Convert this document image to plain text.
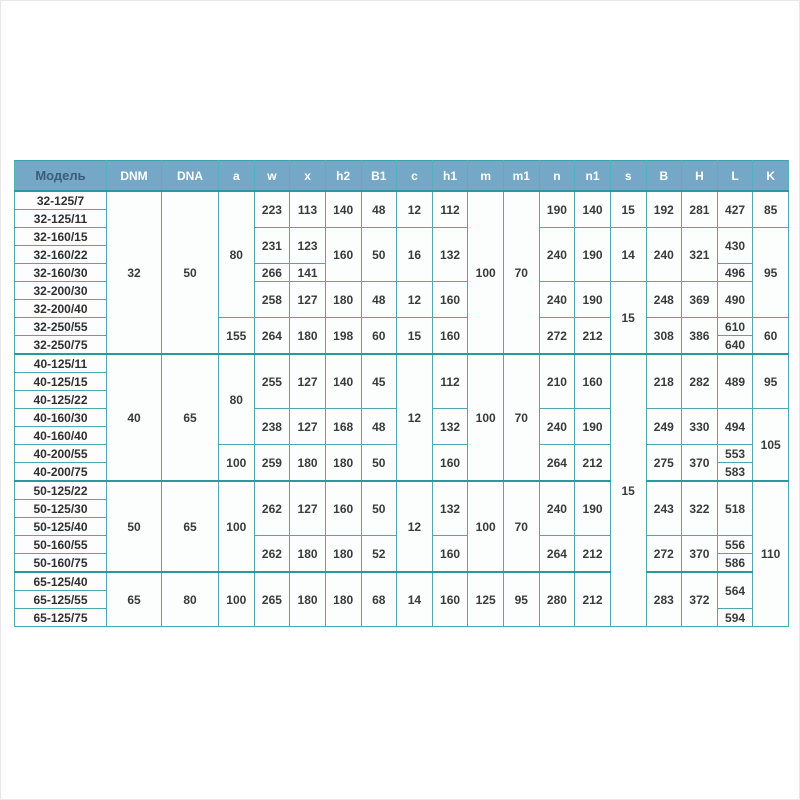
Модель	DNM	DNA	a	w	x	h2	B1	c	h1	m	m1	n	n1	s	B	H	L	K
32-125/7	32	50	80	223	113	140	48	12	112	100	70	190	140	15	192	281	427	85
32-125/11																		
32-160/15				231	123	160	50	16	132			240	190	14	240	321	430	95
32-160/22																		
32-160/30				266	141												496	
32-200/30				258	127	180	48	12	160			240	190	15	248	369	490	
32-200/40																		
32-250/55			155	264	180	198	60	15	160			272	212		308	386	610	60
32-250/75																	640	
40-125/11	40	65	80	255	127	140	45	12	112	100	70	210	160	15	218	282	489	95
40-125/15																		
40-125/22																		
40-160/30				238	127	168	48		132			240	190		249	330	494	105
40-160/40																		
40-200/55			100	259	180	180	50		160			264	212		275	370	553	
40-200/75																	583	
50-125/22	50	65	100	262	127	160	50	12	132	100	70	240	190		243	322	518	110
50-125/30																		
50-125/40																		
50-160/55				262	180	180	52		160			264	212		272	370	556	
50-160/75																	586	
65-125/40	65	80	100	265	180	180	68	14	160	125	95	280	212		283	372	564	
65-125/55																		
65-125/75																	594	
